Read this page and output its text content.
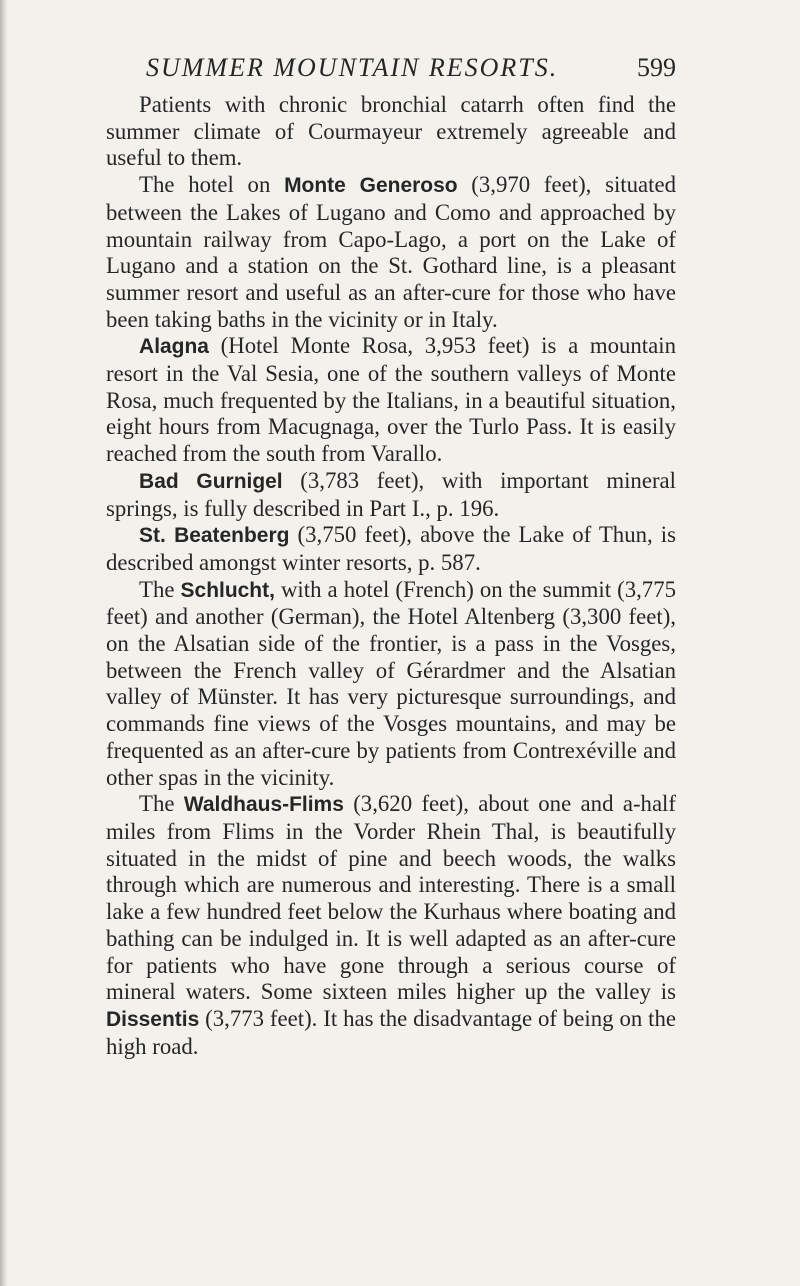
SUMMER MOUNTAIN RESORTS.	599

Patients with chronic bronchial catarrh often find the summer climate of Courmayeur extremely agreeable and useful to them.

The hotel on Monte Generoso (3,970 feet), situated between the Lakes of Lugano and Como and approached by mountain railway from Capo-Lago, a port on the Lake of Lugano and a station on the St. Gothard line, is a pleasant summer resort and useful as an after-cure for those who have been taking baths in the vicinity or in Italy.

Alagna (Hotel Monte Rosa, 3,953 feet) is a mountain resort in the Val Sesia, one of the southern valleys of Monte Rosa, much frequented by the Italians, in a beautiful situation, eight hours from Macugnaga, over the Turlo Pass. It is easily reached from the south from Varallo.

Bad Gurnigel (3,783 feet), with important mineral springs, is fully described in Part I., p. 196.

St. Beatenberg (3,750 feet), above the Lake of Thun, is described amongst winter resorts, p. 587.

The Schlucht, with a hotel (French) on the summit (3,775 feet) and another (German), the Hotel Altenberg (3,300 feet), on the Alsatian side of the frontier, is a pass in the Vosges, between the French valley of Gérardmer and the Alsatian valley of Münster. It has very picturesque surroundings, and commands fine views of the Vosges mountains, and may be frequented as an after-cure by patients from Contrexéville and other spas in the vicinity.

The Waldhaus-Flims (3,620 feet), about one and a-half miles from Flims in the Vorder Rhein Thal, is beautifully situated in the midst of pine and beech woods, the walks through which are numerous and interesting. There is a small lake a few hundred feet below the Kurhaus where boating and bathing can be indulged in. It is well adapted as an after-cure for patients who have gone through a serious course of mineral waters. Some sixteen miles higher up the valley is Dissentis (3,773 feet). It has the disadvantage of being on the high road.
